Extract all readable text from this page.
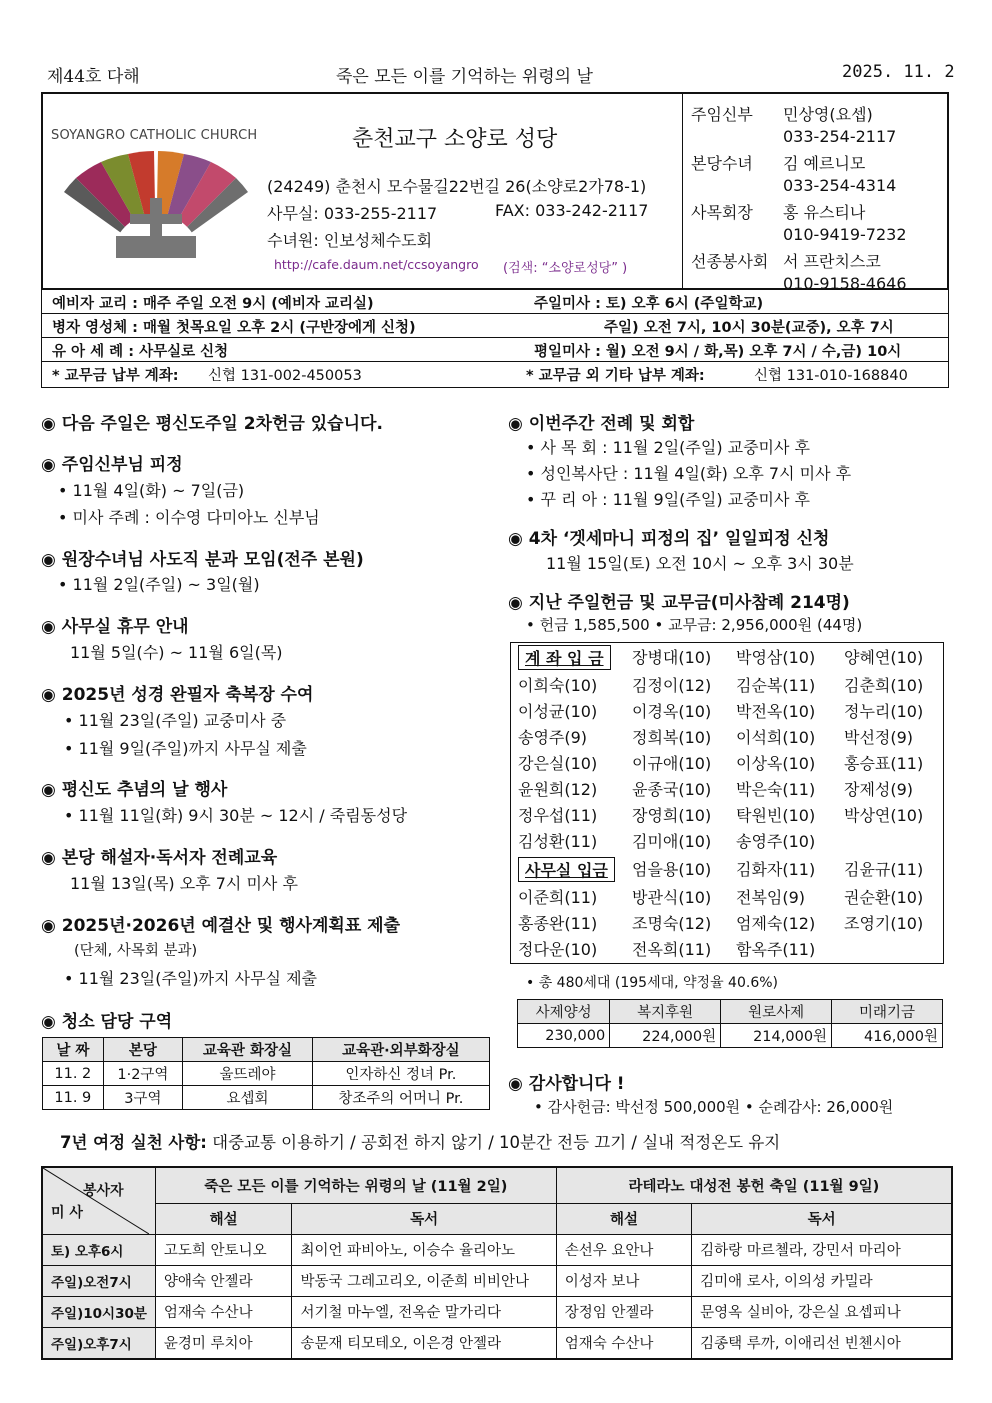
제44호 다해	죽은 모든 이를 기억하는 위령의 날	2025. 11. 2
SOYANGRO CATHOLIC CHURCH	춘천교구 소양로 성당
(24249) 춘천시 모수물길22번길 26(소양로2가78-1)
사무실: 033-255-2117	FAX: 033-242-2117
수녀원: 인보성체수도회
http://cafe.daum.net/ccsoyangro (검색: “소양로성당” )
주임신부 민상영(요셉)
033-254-2117
본당수녀 김 예르니모
033-254-4314
사목회장 홍 유스티나
010-9419-7232
선종봉사회 서 프란치스코
010-9158-4646
예비자 교리 : 매주 주일 오전 9시 (예비자 교리실)	주일미사 : 토) 오후 6시 (주일학교)
병자 영성체 : 매월 첫목요일 오후 2시 (구반장에게 신청)	주일) 오전 7시, 10시 30분(교중), 오후 7시
유 아 세 례 : 사무실로 신청	평일미사 : 월) 오전 9시 / 화,목) 오후 7시 / 수,금) 10시
* 교무금 납부 계좌: 신협 131-002-450053	* 교무금 외 기타 납부 계좌:	신협 131-010-168840
◉ 다음 주일은 평신도주일 2차헌금 있습니다.
◉ 주임신부님 피정
• 11월 4일(화) ~ 7일(금)
• 미사 주례 : 이수영 다미아노 신부님
◉ 원장수녀님 사도직 분과 모임(전주 본원)
• 11월 2일(주일) ~ 3일(월)
◉ 사무실 휴무 안내
11월 5일(수) ~ 11월 6일(목)
◉ 2025년 성경 완필자 축복장 수여
• 11월 23일(주일) 교중미사 중
• 11월 9일(주일)까지 사무실 제출
◉ 평신도 추념의 날 행사
• 11월 11일(화) 9시 30분 ~ 12시 / 죽림동성당
◉ 본당 해설자·독서자 전례교육
11월 13일(목) 오후 7시 미사 후
◉ 2025년·2026년 예결산 및 행사계획표 제출
(단체, 사목회 분과)
• 11월 23일(주일)까지 사무실 제출
◉ 청소 담당 구역
날 짜	본당	교육관 화장실	교육관·외부화장실
11. 2	1·2구역	울뜨레야	인자하신 정녀 Pr.
11. 9	3구역	요셉회	창조주의 어머니 Pr.
◉ 이번주간 전례 및 회합
• 사 목 회 : 11월 2일(주일) 교중미사 후
• 성인복사단 : 11월 4일(화) 오후 7시 미사 후
• 꾸 리 아 : 11월 9일(주일) 교중미사 후
◉ 4차 ‘겟세마니 피정의 집’ 일일피정 신청
11월 15일(토) 오전 10시 ~ 오후 3시 30분
◉ 지난 주일헌금 및 교무금(미사참례 214명)
• 헌금 1,585,500 • 교무금: 2,956,000원 (44명)
계 좌 입 금	장병대(10) 박영삼(10) 양혜연(10)
이희숙(10) 김정이(12) 김순복(11) 김춘희(10)
이성균(10) 이경옥(10) 박전옥(10) 정누리(10)
송영주(9)	정희복(10) 이석희(10) 박선정(9)
강은실(10) 이규애(10) 이상옥(10) 홍승표(11)
윤원희(12) 윤종국(10) 박은숙(11) 장제성(9)
정우섭(11) 장영희(10) 탁원빈(10) 박상연(10)
김성환(11) 김미애(10) 송영주(10)
사무실 입금	엄을용(10) 김화자(11) 김윤규(11)
이준희(11) 방관식(10) 전복임(9) 권순환(10)
홍종완(11) 조명숙(12) 엄제숙(12) 조영기(10)
정다운(10) 전옥희(11) 함옥주(11)
• 총 480세대 (195세대, 약정율 40.6%)
사제양성	복지후원	원로사제	미래기금
230,000	224,000원	214,000원	416,000원
◉ 감사합니다 !
• 감사헌금: 박선정 500,000원 • 순례감사: 26,000원
7년 여정 실천 사항: 대중교통 이용하기 / 공회전 하지 않기 / 10분간 전등 끄기 / 실내 적정온도 유지
봉사자
미 사	죽은 모든 이를 기억하는 위령의 날 (11월 2일)		라테라노 대성전 봉헌 축일 (11월 9일)	
	해설	독서	해설	독서
토) 오후6시	고도희 안토니오	최이언 파비아노, 이승수 율리아노	손선우 요안나	김하랑 마르첼라, 강민서 마리아
주일)오전7시	양애숙 안젤라	박동국 그레고리오, 이준희 비비안나	이성자 보나	김미애 로사, 이의성 카밀라
주일)10시30분	엄재숙 수산나	서기철 마누엘, 전옥순 말가리다	장정임 안젤라	문영옥 실비아, 강은실 요셉피나
주일)오후7시	윤경미 루치아	송문재 티모테오, 이은경 안젤라	엄재숙 수산나	김종택 루까, 이애리선 빈첸시아
